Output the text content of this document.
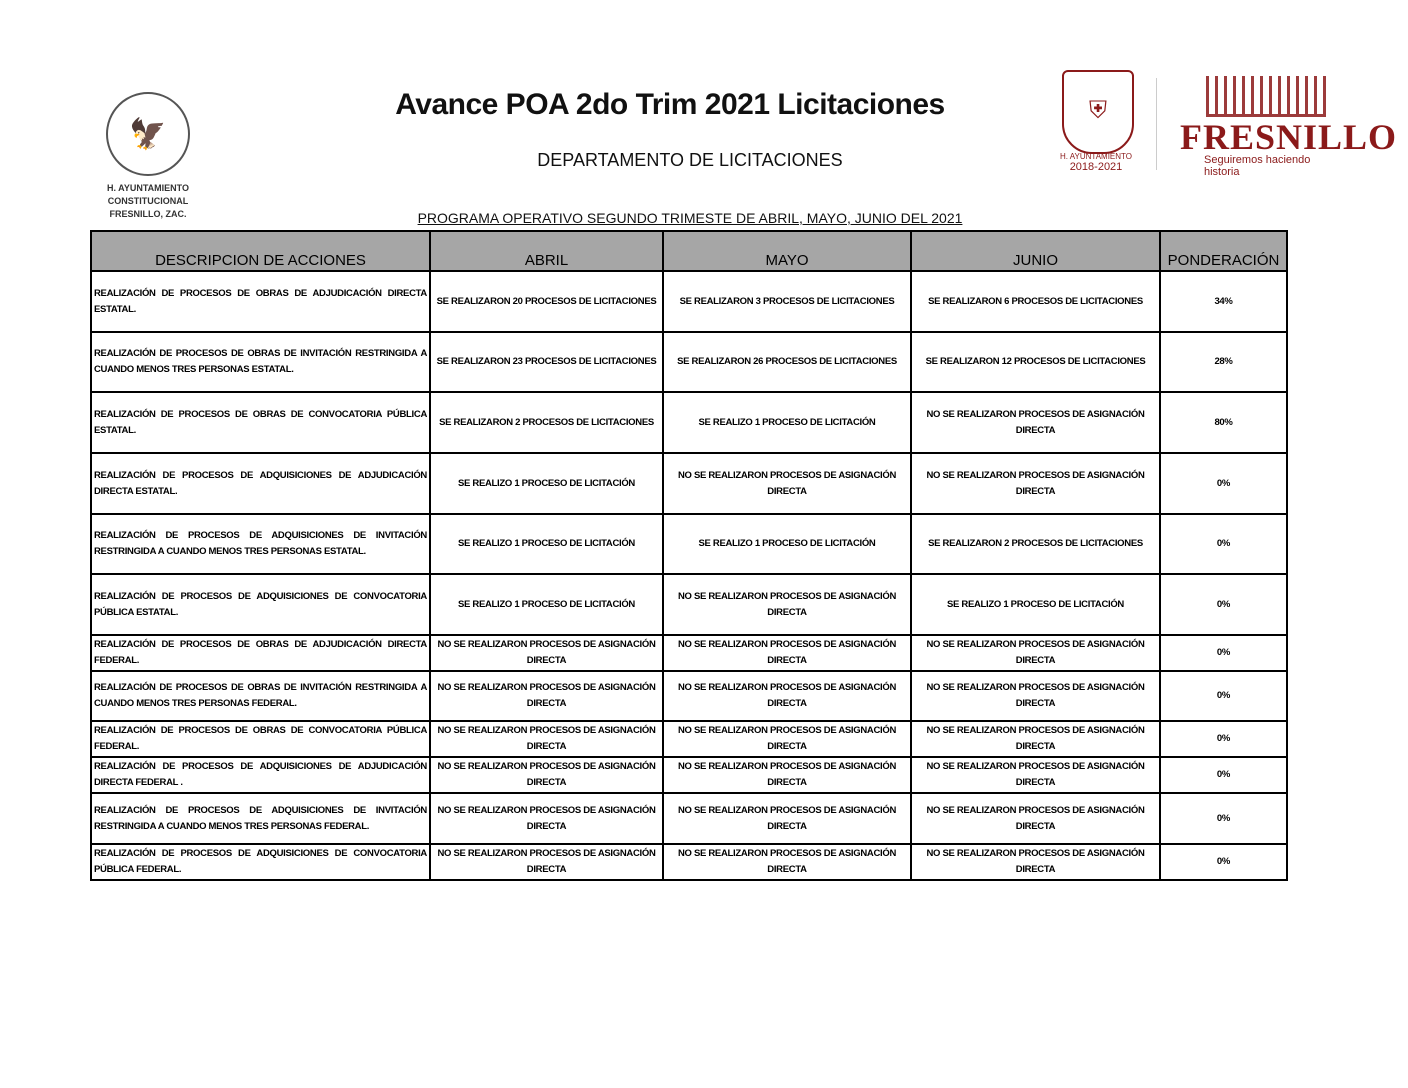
🦅
H. AYUNTAMIENTO
CONSTITUCIONAL
FRESNILLO, ZAC.
Avance POA 2do Trim 2021 Licitaciones
DEPARTAMENTO DE LICITACIONES
PROGRAMA OPERATIVO SEGUNDO TRIMESTE DE ABRIL, MAYO, JUNIO DEL 2021
⛨
H. AYUNTAMIENTO
2018-2021
FRESNILLO
Seguiremos haciendo historia
DESCRIPCION DE ACCIONES	ABRIL	MAYO	JUNIO	PONDERACIÓN
REALIZACIÓN DE PROCESOS DE OBRAS DE ADJUDICACIÓN DIRECTA ESTATAL.	SE REALIZARON 20 PROCESOS DE LICITACIONES	SE REALIZARON 3 PROCESOS DE LICITACIONES	SE REALIZARON 6 PROCESOS DE LICITACIONES	34%
REALIZACIÓN DE PROCESOS DE OBRAS DE INVITACIÓN RESTRINGIDA A CUANDO MENOS TRES PERSONAS ESTATAL.	SE REALIZARON 23 PROCESOS DE LICITACIONES	SE REALIZARON 26 PROCESOS DE LICITACIONES	SE REALIZARON 12 PROCESOS DE LICITACIONES	28%
REALIZACIÓN DE PROCESOS DE OBRAS DE CONVOCATORIA PÚBLICA ESTATAL.	SE REALIZARON 2 PROCESOS DE LICITACIONES	SE REALIZO 1 PROCESO DE LICITACIÓN	NO SE REALIZARON PROCESOS DE ASIGNACIÓN DIRECTA	80%
REALIZACIÓN DE PROCESOS DE ADQUISICIONES DE ADJUDICACIÓN DIRECTA ESTATAL.	SE REALIZO 1 PROCESO DE LICITACIÓN	NO SE REALIZARON PROCESOS DE ASIGNACIÓN DIRECTA	NO SE REALIZARON PROCESOS DE ASIGNACIÓN DIRECTA	0%
REALIZACIÓN DE PROCESOS DE ADQUISICIONES DE INVITACIÓN RESTRINGIDA A CUANDO MENOS TRES PERSONAS ESTATAL.	SE REALIZO 1 PROCESO DE LICITACIÓN	SE REALIZO 1 PROCESO DE LICITACIÓN	SE REALIZARON 2 PROCESOS DE LICITACIONES	0%
REALIZACIÓN DE PROCESOS DE ADQUISICIONES DE CONVOCATORIA PÚBLICA ESTATAL.	SE REALIZO 1 PROCESO DE LICITACIÓN	NO SE REALIZARON PROCESOS DE ASIGNACIÓN DIRECTA	SE REALIZO 1 PROCESO DE LICITACIÓN	0%
REALIZACIÓN DE PROCESOS DE OBRAS DE ADJUDICACIÓN DIRECTA FEDERAL.	NO SE REALIZARON PROCESOS DE ASIGNACIÓN DIRECTA	NO SE REALIZARON PROCESOS DE ASIGNACIÓN DIRECTA	NO SE REALIZARON PROCESOS DE ASIGNACIÓN DIRECTA	0%
REALIZACIÓN DE PROCESOS DE OBRAS DE INVITACIÓN RESTRINGIDA A CUANDO MENOS TRES PERSONAS FEDERAL.	NO SE REALIZARON PROCESOS DE ASIGNACIÓN DIRECTA	NO SE REALIZARON PROCESOS DE ASIGNACIÓN DIRECTA	NO SE REALIZARON PROCESOS DE ASIGNACIÓN DIRECTA	0%
REALIZACIÓN DE PROCESOS DE OBRAS DE CONVOCATORIA PÚBLICA FEDERAL.	NO SE REALIZARON PROCESOS DE ASIGNACIÓN DIRECTA	NO SE REALIZARON PROCESOS DE ASIGNACIÓN DIRECTA	NO SE REALIZARON PROCESOS DE ASIGNACIÓN DIRECTA	0%
REALIZACIÓN DE PROCESOS DE ADQUISICIONES DE ADJUDICACIÓN DIRECTA FEDERAL .	NO SE REALIZARON PROCESOS DE ASIGNACIÓN DIRECTA	NO SE REALIZARON PROCESOS DE ASIGNACIÓN DIRECTA	NO SE REALIZARON PROCESOS DE ASIGNACIÓN DIRECTA	0%
REALIZACIÓN DE PROCESOS DE ADQUISICIONES DE INVITACIÓN RESTRINGIDA A CUANDO MENOS TRES PERSONAS FEDERAL.	NO SE REALIZARON PROCESOS DE ASIGNACIÓN DIRECTA	NO SE REALIZARON PROCESOS DE ASIGNACIÓN DIRECTA	NO SE REALIZARON PROCESOS DE ASIGNACIÓN DIRECTA	0%
REALIZACIÓN DE PROCESOS DE ADQUISICIONES DE CONVOCATORIA PÚBLICA FEDERAL.	NO SE REALIZARON PROCESOS DE ASIGNACIÓN DIRECTA	NO SE REALIZARON PROCESOS DE ASIGNACIÓN DIRECTA	NO SE REALIZARON PROCESOS DE ASIGNACIÓN DIRECTA	0%
